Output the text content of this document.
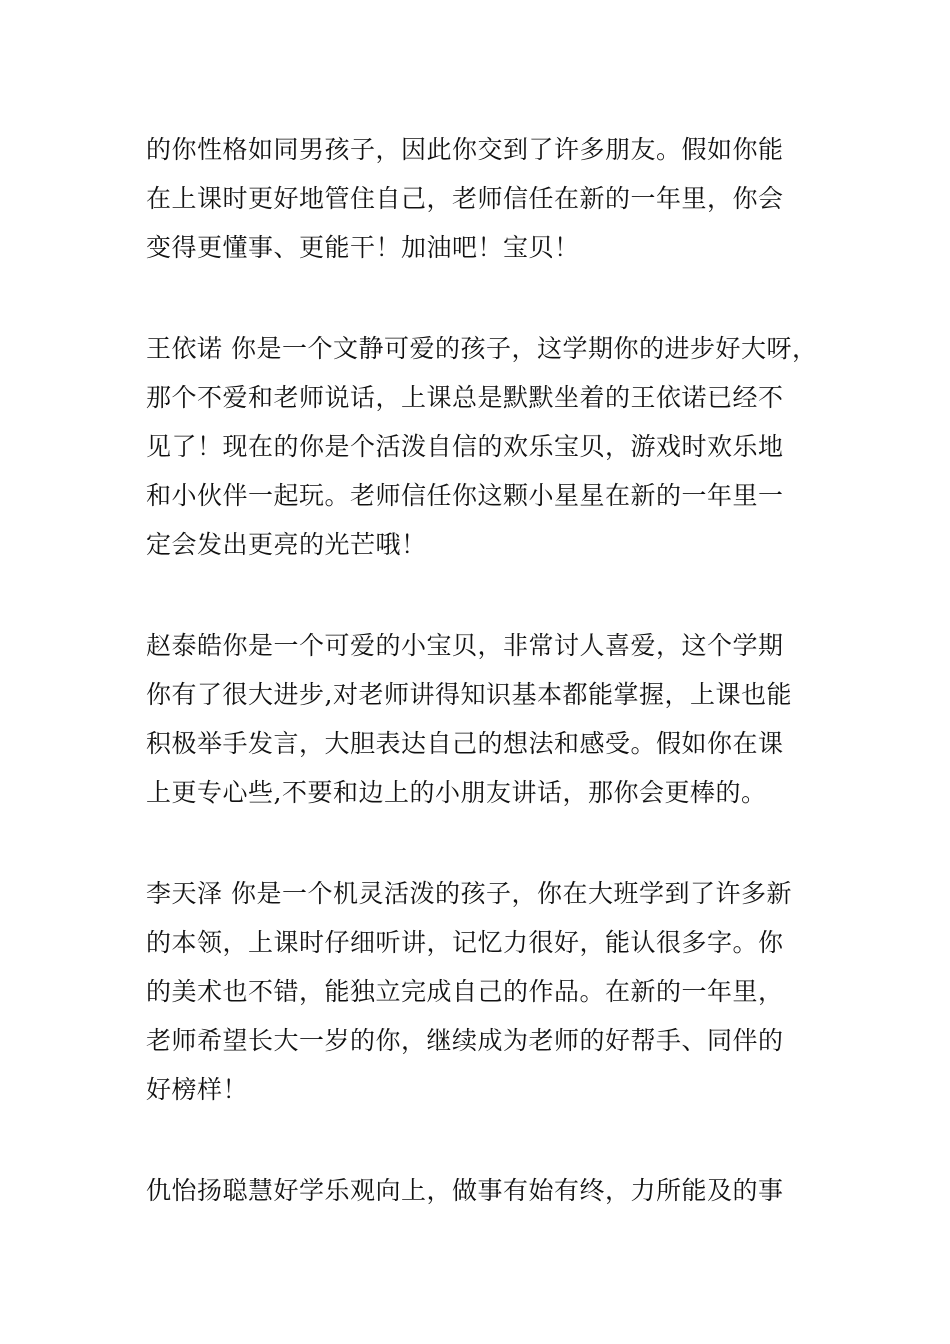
的你性格如同男孩子，因此你交到了许多朋友。假如你能
在上课时更好地管住自己，老师信任在新的一年里，你会
变得更懂事、更能干！加油吧！宝贝！
王依诺 你是一个文静可爱的孩子，这学期你的进步好大呀，
那个不爱和老师说话，上课总是默默坐着的王依诺已经不
见了！现在的你是个活泼自信的欢乐宝贝，游戏时欢乐地
和小伙伴一起玩。老师信任你这颗小星星在新的一年里一
定会发出更亮的光芒哦！
赵泰皓你是一个可爱的小宝贝，非常讨人喜爱，这个学期
你有了很大进步,对老师讲得知识基本都能掌握，上课也能
积极举手发言，大胆表达自己的想法和感受。假如你在课
上更专心些,不要和边上的小朋友讲话，那你会更棒的。
李天泽 你是一个机灵活泼的孩子，你在大班学到了许多新
的本领，上课时仔细听讲，记忆力很好，能认很多字。你
的美术也不错，能独立完成自己的作品。在新的一年里，
老师希望长大一岁的你，继续成为老师的好帮手、同伴的
好榜样！
仇怡扬聪慧好学乐观向上，做事有始有终，力所能及的事
